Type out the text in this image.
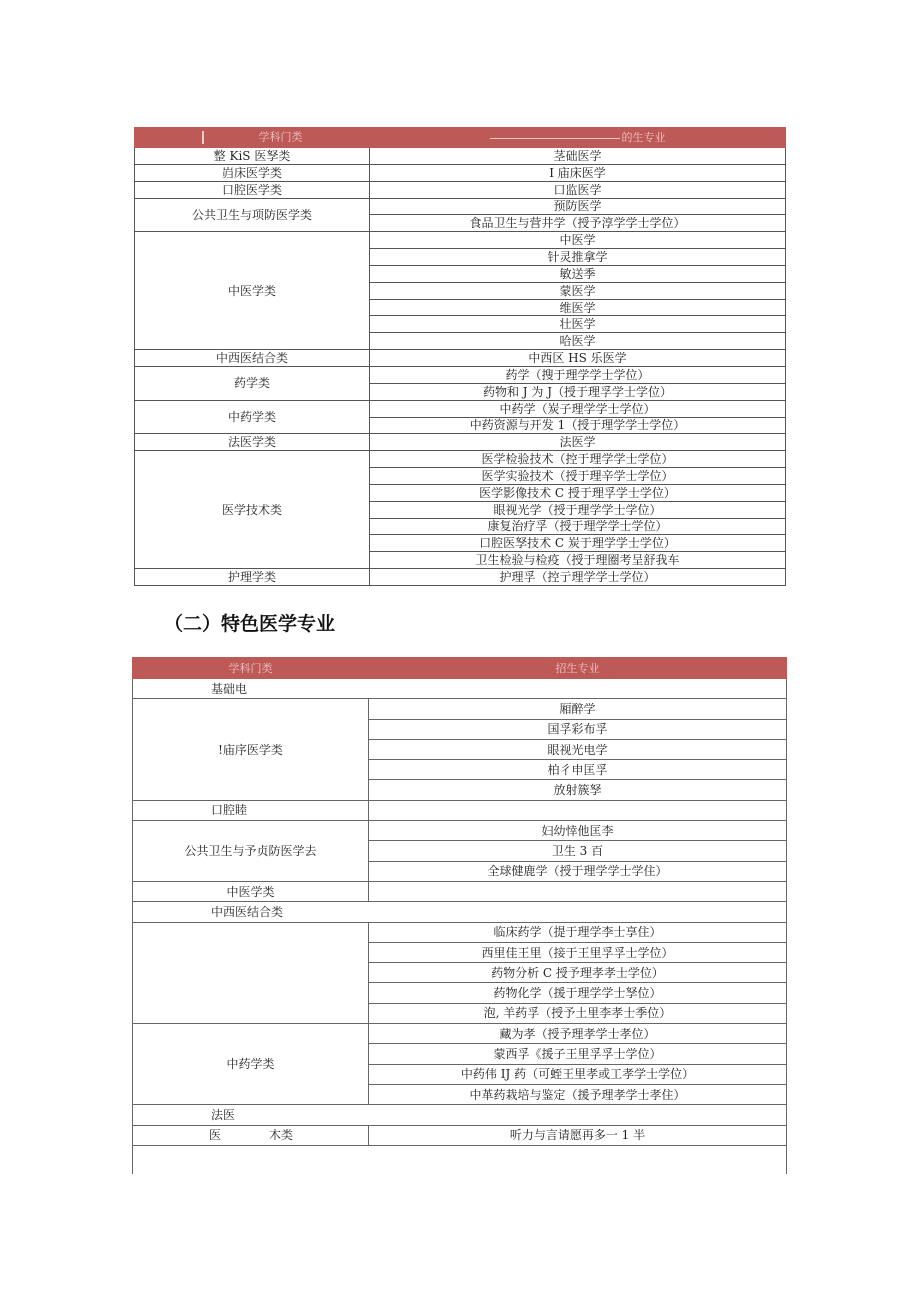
学科门类	的生专业
整 KiS 医孥类	茎础医学
岿床医学类	I 庙床医学
口腔医学类	口监医学
公共卫生与项防医学类	预防医学
	食品卫生与营井学（授予淳学学士学位）
中医学类	中医学
	针灵推拿学
	敏送季
	蒙医学
	维医学
	壮医学
	哈医学
中西医结合类	中西区 HS 乐医学
药学类	药学（搜于理学学士学位）
	药物和 J 为 J（授于理孚学士学位）
中药学类	中药学（炭子理学学士学位）
	中药资源与开发 1（授于理学学士学位）
法医学类	法医学
医学技术类	医学检验技术（控于理学学士学位）
	医学实验技术（授于理辛学士学位）
	医学影像技术 C 授于理孚学士学位）
	眼视光学（授于理学学士学位）
	康复治疗孚（授于理学学士学位）
	口腔医孥技术 C 炭于理学学士学位）
	卫生检验与检疫（授于理圈考呈舒我车
护理学类	护理孚（控亍理学学士学位）
（二）特色医学专业
学科门类	招生专业
基础电	
!庙序医学类	厢醉学
	国孚彩布孚
	眼视光电学
	柏彳申匡孚
	放射簇孥
口腔睦	
公共卫生与予贞防医学去	妇幼悻他匡李
	卫生 3 百
	全球健鹿学（授于理学学士学住）
中医学类	
中西医结合类	
	临床药学（提于理学李士享住）
	西里佳王里（接于王里孚孚士学位）
	药物分析 C 授予理孝孝士学位）
	药物化学（援于理学学士孥位）
	泡, 羊药孚（授予土里李孝士季位）
中药学类	藏为孝（授予理孝学士孝位）
	蒙西孚《援子王里孚孚士学位）
	中药伟 IJ 药（可蛭王里孝或工孝学士学位）
	中革药栽培与鉴定（援予理孝学士孝住）
法医	
医 木类	听力与言请愿再多一 1 半
